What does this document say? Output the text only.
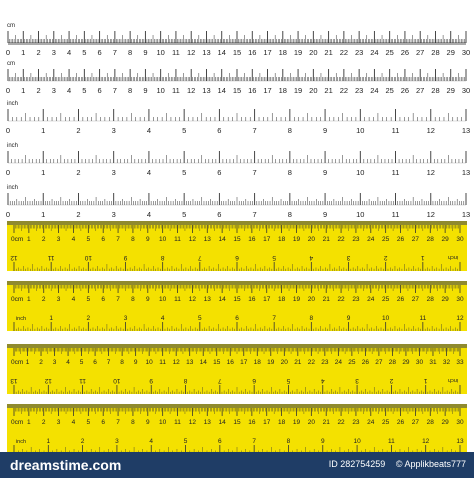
0 1 2 3 4 5 6 7 8 9 10 11 12 13 14 15 16 17 18 19 20 21 22 23 24 25 26 27 28 29 30
cm
0 1 2 3 4 5 6 7 8 9 10 11 12 13 14 15 16 17 18 19 20 21 22 23 24 25 26 27 28 29 30
cm
0	1	2	3	4	5	6	7	8	9	10	11	12	13
inch
0	1	2	3	4	5	6	7	8	9	10	11	12	13
inch
0	1	2	3	4	5	6	7	8	9	10	11	12	13
inch
1 2 3 4 5 6 7 8 9 10 11 12 13 14 15 16 17 18 19 20 21 22 23 24 25 26 27 28 29 30
0cm
1
2
3
4
5
6
7
8
9
10
11
12	inch
1 2 3 4 5 6 7 8 9 10 11 12 13 14 15 16 17 18 19 20 21 22 23 24 25 26 27 28 29 30
0cm
1	2	3	4	5	6	7	8	9	10	11	12
inch
1 2 3 4 5 6 7 8 9 10 11 12 13 14 15 16 17 18 19 20 21 22 23 24 25 26 27 28 29 30 31 32 33
0cm
1
2
3
4
5
6
7
8
9
10
11
12
13	inch
1 2 3 4 5 6 7 8 9 10 11 12 13 14 15 16 17 18 19 20 21 22 23 24 25 26 27 28 29 30
0cm
1	2	3	4	5	6	7	8	9	10	11	12	13
inch
dreamstime.com	ID 282754259 © Applikbeats777
